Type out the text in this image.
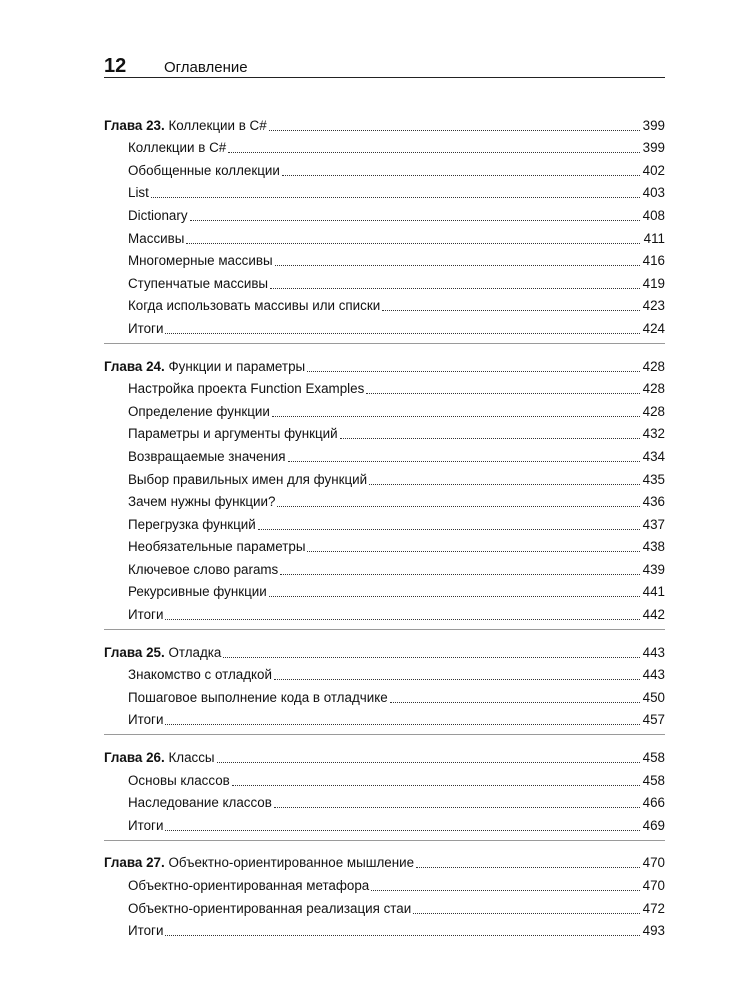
12	Оглавление
Глава 23. Коллекции в C#	399
Коллекции в C#	399
Обобщенные коллекции	402
List	403
Dictionary	408
Массивы	411
Многомерные массивы	416
Ступенчатые массивы	419
Когда использовать массивы или списки	423
Итоги	424
Глава 24. Функции и параметры	428
Настройка проекта Function Examples	428
Определение функции	428
Параметры и аргументы функций	432
Возвращаемые значения	434
Выбор правильных имен для функций	435
Зачем нужны функции?	436
Перегрузка функций	437
Необязательные параметры	438
Ключевое слово params	439
Рекурсивные функции	441
Итоги	442
Глава 25. Отладка	443
Знакомство с отладкой	443
Пошаговое выполнение кода в отладчике	450
Итоги	457
Глава 26. Классы	458
Основы классов	458
Наследование классов	466
Итоги	469
Глава 27. Объектно-ориентированное мышление	470
Объектно-ориентированная метафора	470
Объектно-ориентированная реализация стаи	472
Итоги	493
